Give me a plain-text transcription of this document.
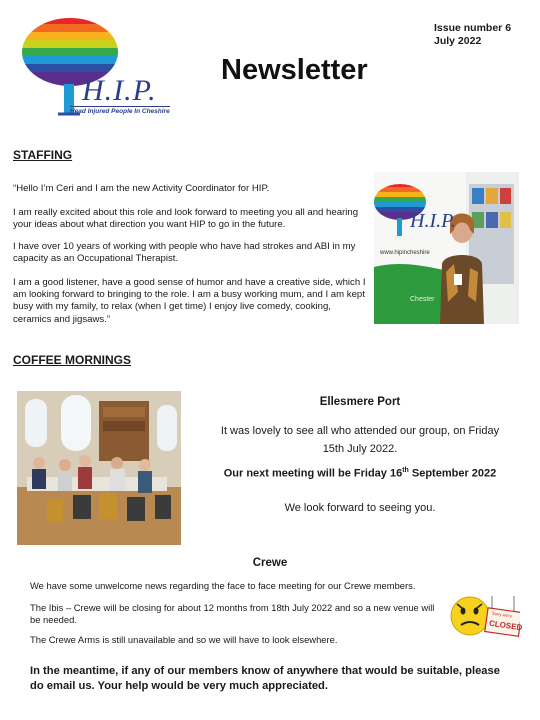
H.I.P.
Head Injured People In Cheshire
Newsletter
Issue number 6
July 2022
STAFFING
“Hello I’m Ceri and I am the new Activity Coordinator for HIP.
I am really excited about this role and look forward to meeting you all and hearing your ideas about what direction you want HIP to go in the future.
I have over 10 years of working with people who have had strokes and ABI in my capacity as an Occupational Therapist.
I am a good listener, have a good sense of humor and have a creative side, which I am looking forward to bringing to the role. I am a busy working mum, and I am kept busy with my family, to relax (when I get time) I enjoy live comedy, cooking, ceramics and jigsaws.”
H.I.P.
www.hipincheshire
Chester
COFFEE MORNINGS
Ellesmere Port
It was lovely to see all who attended our group, on Friday 15th July 2022.
Our next meeting will be Friday 16th September 2022
We look forward to seeing you.
Crewe
We have some unwelcome news regarding the face to face meeting for our Crewe members.
The Ibis – Crewe will be closing for about 12 months from 18th July 2022 and so a new venue will be needed.
The Crewe Arms is still unavailable and so we will have to look elsewhere.
Sorry we're
CLOSED
In the meantime, if any of our members know of anywhere that would be suitable, please do email us. Your help would be very much appreciated.
